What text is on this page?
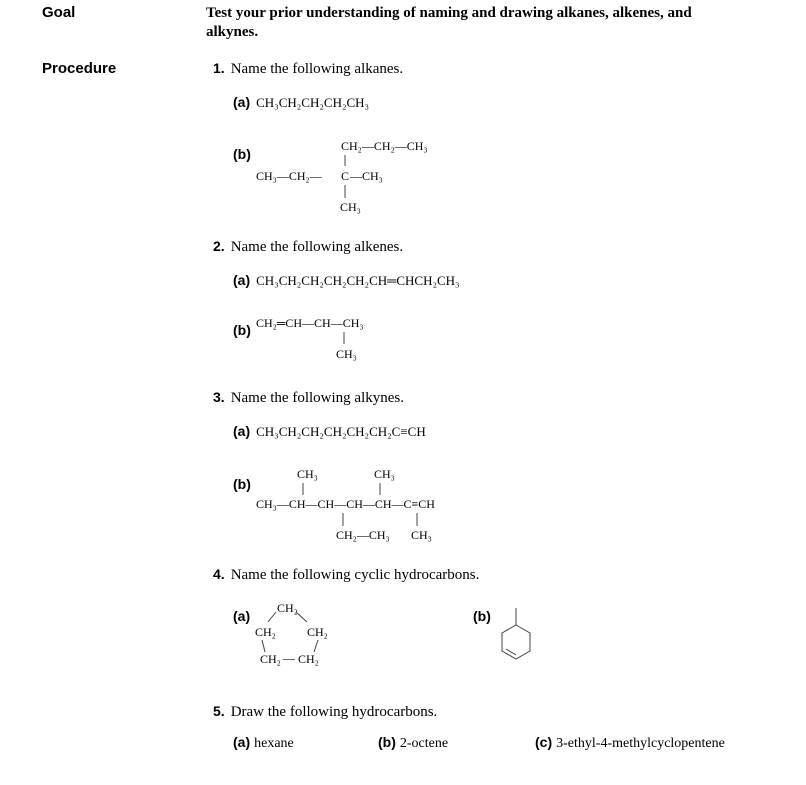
Goal	Test your prior understanding of naming and drawing alkanes, alkenes, and alkynes.
Procedure	1. Name the following alkanes.
(a) CH₃CH₂CH₂CH₂CH₃
(b)	CH₂—CH₂—CH₃
CH₃—CH₂— C —CH₃
CH₃
2. Name the following alkenes.
(a) CH₃CH₂CH₂CH₂CH₂CH═CHCH₂CH₃
(b) CH₂═CH—CH—CH₃
CH₃
3. Name the following alkynes.
(a) CH₃CH₂CH₂CH₂CH₂CH₂C≡CH
(b)
CH₃	CH₃
CH₃—CH—CH—CH—CH—C≡CH
CH₂—CH₃ CH₃
4. Name the following cyclic hydrocarbons.
(a) CH₂
CH₂	CH₂
CH₂ — CH₂
(b)
5. Draw the following hydrocarbons.
(a) hexane	(b) 2-octene	(c) 3-ethyl-4-methylcyclopentene
